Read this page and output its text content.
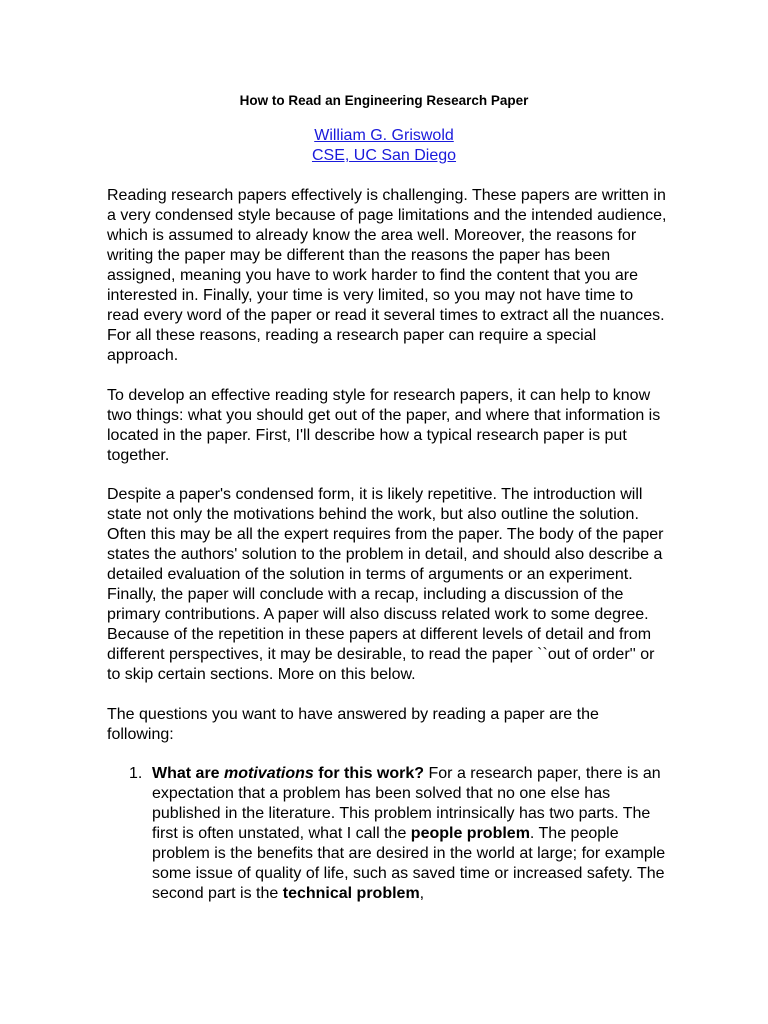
How to Read an Engineering Research Paper
William G. Griswold
CSE, UC San Diego

Reading research papers effectively is challenging. These papers are written in a very condensed style because of page limitations and the intended audience, which is assumed to already know the area well. Moreover, the reasons for writing the paper may be different than the reasons the paper has been assigned, meaning you have to work harder to find the content that you are interested in. Finally, your time is very limited, so you may not have time to read every word of the paper or read it several times to extract all the nuances. For all these reasons, reading a research paper can require a special approach.

To develop an effective reading style for research papers, it can help to know two things: what you should get out of the paper, and where that information is located in the paper. First, I'll describe how a typical research paper is put together.

Despite a paper's condensed form, it is likely repetitive. The introduction will state not only the motivations behind the work, but also outline the solution. Often this may be all the expert requires from the paper. The body of the paper states the authors' solution to the problem in detail, and should also describe a detailed evaluation of the solution in terms of arguments or an experiment. Finally, the paper will conclude with a recap, including a discussion of the primary contributions. A paper will also discuss related work to some degree. Because of the repetition in these papers at different levels of detail and from different perspectives, it may be desirable, to read the paper ``out of order'' or to skip certain sections. More on this below.

The questions you want to have answered by reading a paper are the following:

1. What are motivations for this work? For a research paper, there is an expectation that a problem has been solved that no one else has published in the literature. This problem intrinsically has two parts. The first is often unstated, what I call the people problem. The people problem is the benefits that are desired in the world at large; for example some issue of quality of life, such as saved time or increased safety. The second part is the technical problem,
